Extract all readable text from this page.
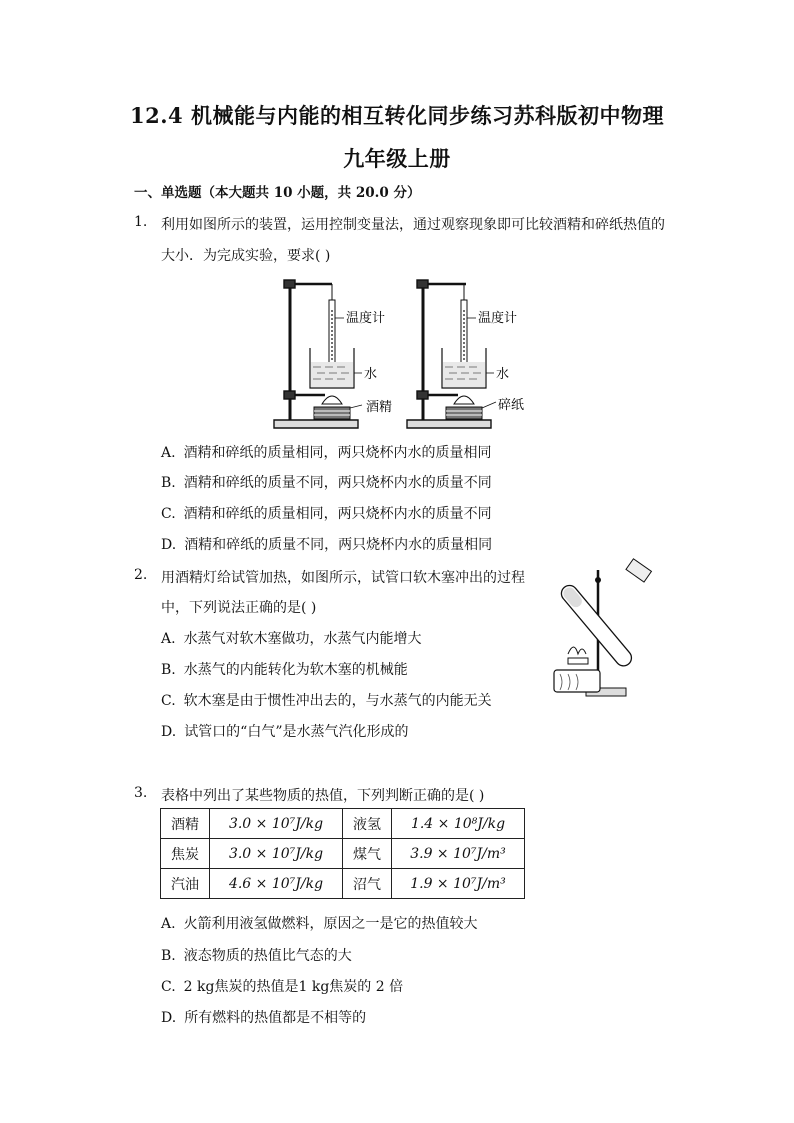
12.4 机械能与内能的相互转化同步练习苏科版初中物理
九年级上册
一、单选题（本大题共 10 小题，共 20.0 分）
1. 利用如图所示的装置，运用控制变量法，通过观察现象即可比较酒精和碎纸热值的
大小．为完成实验，要求( )
温度计
水
酒精
温度计
水
碎纸
A. 酒精和碎纸的质量相同，两只烧杯内水的质量相同
B. 酒精和碎纸的质量不同，两只烧杯内水的质量不同
C. 酒精和碎纸的质量相同，两只烧杯内水的质量不同
D. 酒精和碎纸的质量不同，两只烧杯内水的质量相同
2. 用酒精灯给试管加热，如图所示，试管口软木塞冲出的过程
中，下列说法正确的是( )
A. 水蒸气对软木塞做功，水蒸气内能增大
B. 水蒸气的内能转化为软木塞的机械能
C. 软木塞是由于惯性冲出去的，与水蒸气的内能无关
D. 试管口的“白气”是水蒸气汽化形成的
3. 表格中列出了某些物质的热值，下列判断正确的是( )
酒精	3.0 × 10⁷J/kg	液氢	1.4 × 10⁸J/kg
焦炭	3.0 × 10⁷J/kg	煤气	3.9 × 10⁷J/m³
汽油	4.6 × 10⁷J/kg	沼气	1.9 × 10⁷J/m³
A. 火箭利用液氢做燃料，原因之一是它的热值较大
B. 液态物质的热值比气态的大
C. 2 kg焦炭的热值是1 kg焦炭的 2 倍
D. 所有燃料的热值都是不相等的
